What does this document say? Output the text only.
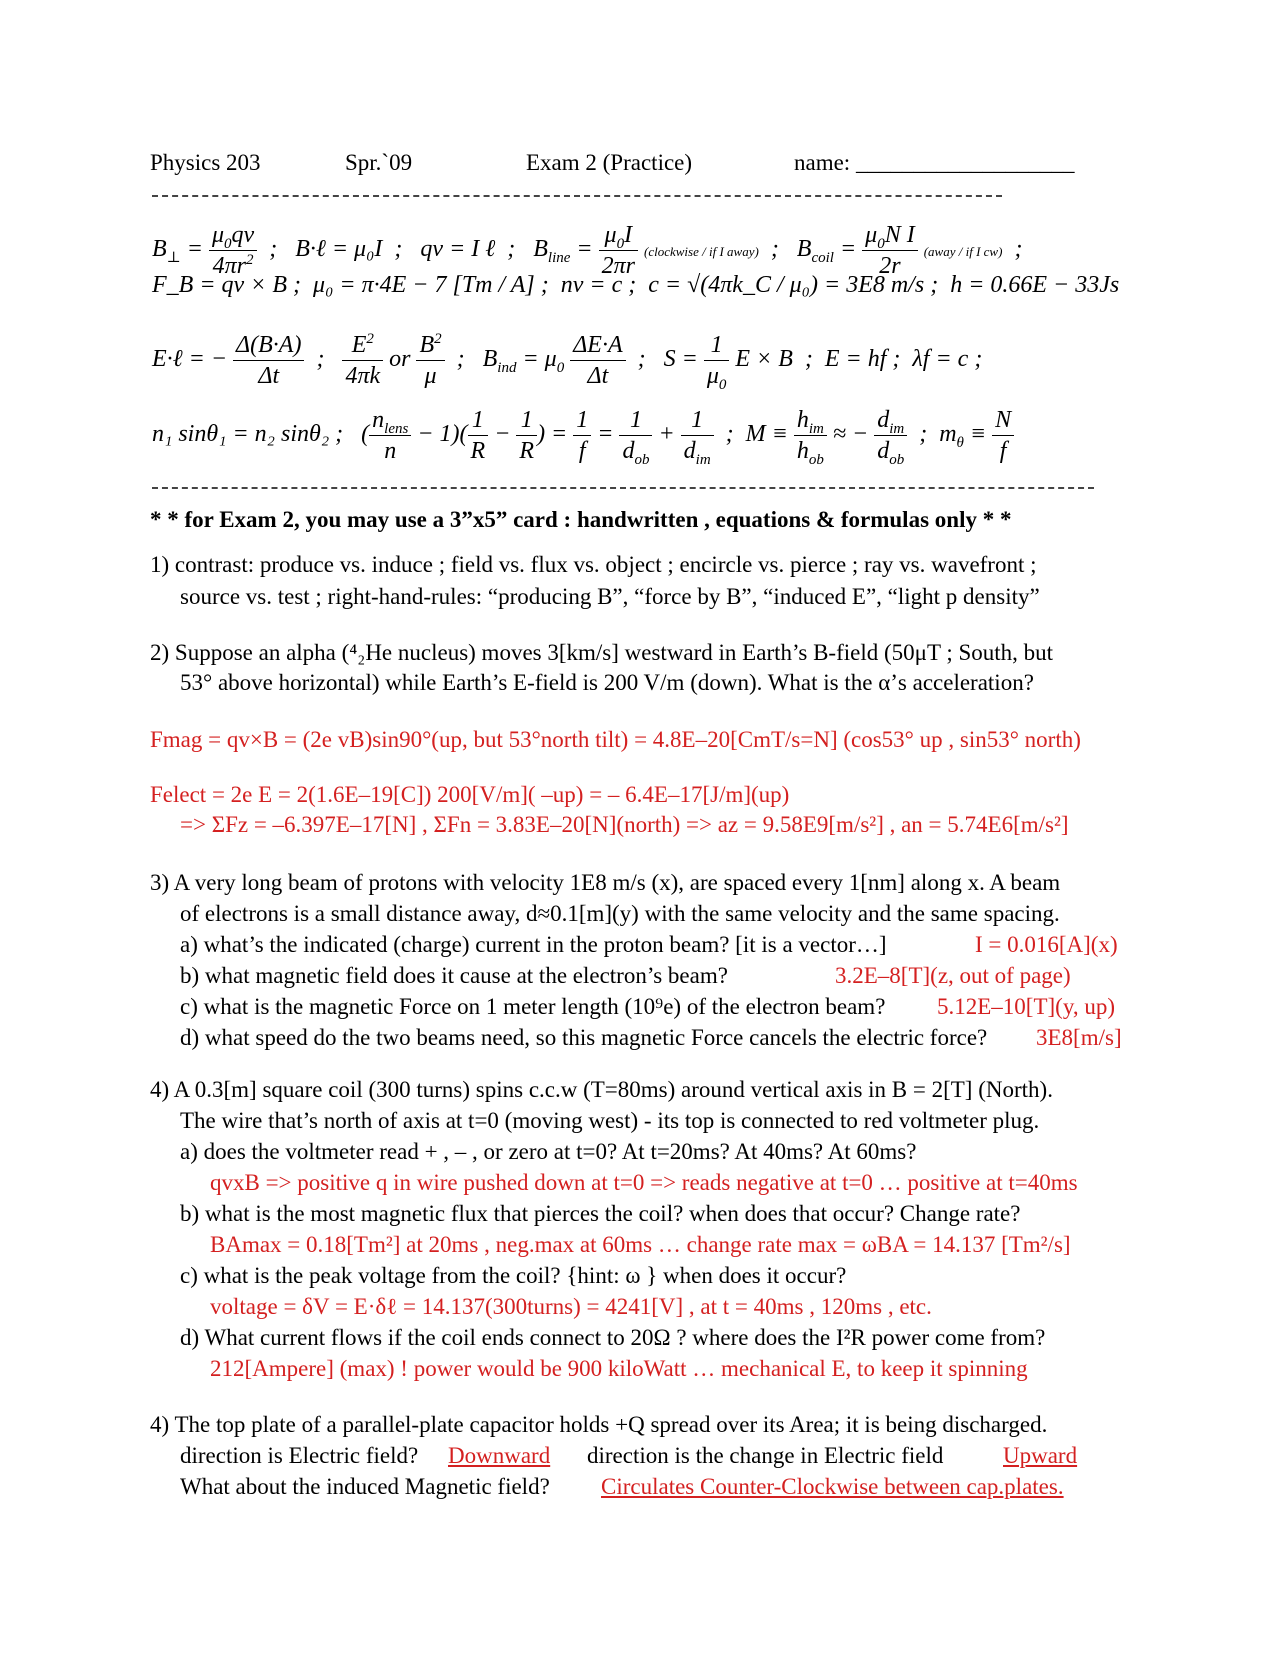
Physics 203	Spr.`09	Exam 2 (Practice)	name: ___________________
$B_\perp = \frac{\mu_0qv}{4\pi r^2}$ ;   B·ℓ = μ₀I  ;   qv = I ℓ  ;   $B_{line} = \frac{\mu_0I}{2\pi r}$ (clockwise / if I away)  ;   $B_{coil} = \frac{\mu_0N I}{2r}$ (away / if I cw)  ;
F_B = qv × B ;  μ₀ = π·4E − 7 [Tm / A] ;  nv = c ;  c = √(4πk_C / μ₀) = 3E8 m/s ;  h = 0.66E − 33Js
E·ℓ = − $\frac{\Delta(B\cdot A)}{\Delta t}$ ; $\frac{E^2}{4\pi k}$ or $\frac{B^2}{\mu}$ ;   $B_{ind} = \mu_0 \frac{\Delta E\cdot A}{\Delta t}$ ;   $S = \frac{1}{\mu_0}$ E × B  ;  E = hf ;  λf = c ;
n₁ sinθ₁ = n₂ sinθ₂ ;   ( $\frac{n_{lens}}{n} - 1)( \frac{1}{R} - \frac{1}{R}$ ) = $\frac{1}{f} = \frac{1}{d_{ob}} + \frac{1}{d_{im}}$ ;  $M \equiv \frac{h_{im}}{h_{ob}}$ ≈ − $\frac{d_{im}}{d_{ob}}$ ;  $m_\theta \equiv \frac{N}{f}$
* * for Exam 2, you may use a 3”x5” card : handwritten , equations & formulas only * *
1) contrast: produce vs. induce ; field vs. flux vs. object ; encircle vs. pierce ; ray vs. wavefront ;
source vs. test ; right-hand-rules: “producing B”, “force by B”, “induced E”, “light p density”
2) Suppose an alpha (⁴₂He nucleus) moves 3[km/s] westward in Earth’s B-field (50μT ; South, but
53° above horizontal) while Earth’s E-field is 200 V/m (down). What is the α’s acceleration?
Fmag = qv×B = (2e vB)sin90°(up, but 53°north tilt) = 4.8E–20[CmT/s=N] (cos53° up , sin53° north)
Felect = 2e E = 2(1.6E–19[C]) 200[V/m]( –up) = – 6.4E–17[J/m](up)
=> ΣFz = –6.397E–17[N] , ΣFn = 3.83E–20[N](north) => az = 9.58E9[m/s²] , an = 5.74E6[m/s²]
3) A very long beam of protons with velocity 1E8 m/s (x), are spaced every 1[nm] along x. A beam
of electrons is a small distance away, d≈0.1[m](y) with the same velocity and the same spacing.
a) what’s the indicated (charge) current in the proton beam? [it is a vector…]	I = 0.016[A](x)
b) what magnetic field does it cause at the electron’s beam?	3.2E–8[T](z, out of page)
c) what is the magnetic Force on 1 meter length (10⁹e) of the electron beam? 5.12E–10[T](y, up)
d) what speed do the two beams need, so this magnetic Force cancels the electric force? 3E8[m/s]
4) A 0.3[m] square coil (300 turns) spins c.c.w (T=80ms) around vertical axis in B = 2[T] (North).
The wire that’s north of axis at t=0 (moving west) - its top is connected to red voltmeter plug.
a) does the voltmeter read + , – , or zero at t=0? At t=20ms? At 40ms? At 60ms?
qvxB => positive q in wire pushed down at t=0 => reads negative at t=0 … positive at t=40ms
b) what is the most magnetic flux that pierces the coil? when does that occur? Change rate?
BAmax = 0.18[Tm²] at 20ms , neg.max at 60ms … change rate max = ωBA = 14.137 [Tm²/s]
c) what is the peak voltage from the coil? {hint: ω } when does it occur?
voltage = δV = E·δℓ = 14.137(300turns) = 4241[V] , at t = 40ms , 120ms , etc.
d) What current flows if the coil ends connect to 20Ω ? where does the I²R power come from?
212[Ampere] (max) ! power would be 900 kiloWatt … mechanical E, to keep it spinning
4) The top plate of a parallel-plate capacitor holds +Q spread over its Area; it is being discharged.
direction is Electric field? Downward direction is the change in Electric field	Upward
What about the induced Magnetic field? Circulates Counter-Clockwise between cap.plates.
